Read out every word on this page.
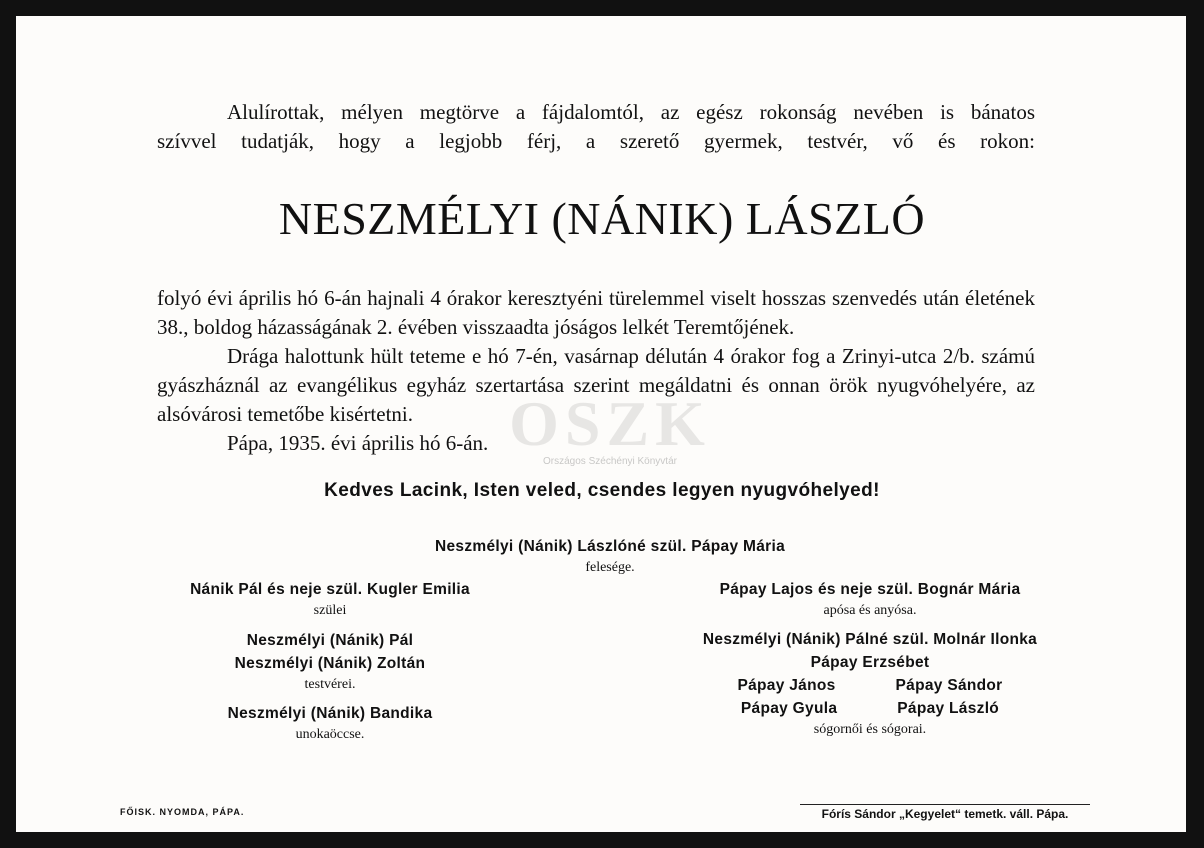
Alulírottak, mélyen megtörve a fájdalomtól, az egész rokonság nevében is bánatos
szívvel tudatják, hogy a legjobb férj, a szerető gyermek, testvér, vő és rokon:
NESZMÉLYI (NÁNIK) LÁSZLÓ
folyó évi április hó 6-án hajnali 4 órakor keresztyéni türelemmel viselt hosszas szenvedés után életének 38., boldog házasságának 2. évében visszaadta jóságos lelkét Teremtőjének.
Drága halottunk hült teteme e hó 7-én, vasárnap délután 4 órakor fog a Zrinyi-utca 2/b. számú gyászháznál az evangélikus egyház szertartása szerint megáldatni és onnan örök nyugvóhelyére, az alsóvárosi temetőbe kisértetni.
Pápa, 1935. évi április hó 6-án. OSZK
Országos Széchényi Könyvtár
Kedves Lacink, Isten veled, csendes legyen nyugvóhelyed!
Neszmélyi (Nánik) Lászlóné szül. Pápay Mária
felesége.
Nánik Pál és neje szül. Kugler Emilia
szülei
Pápay Lajos és neje szül. Bognár Mária
apósa és anyósa.
Neszmélyi (Nánik) Pál
Neszmélyi (Nánik) Zoltán
testvérei.
Neszmélyi (Nánik) Bandika
unokaöccse.
Neszmélyi (Nánik) Pálné szül. Molnár Ilonka
Pápay Erzsébet
Pápay János	Pápay Sándor
Pápay Gyula	Pápay László
sógornői és sógorai.
FŐISK. NYOMDA, PÁPA.	Fórís Sándor „Kegyelet“ temetk. váll. Pápa.
